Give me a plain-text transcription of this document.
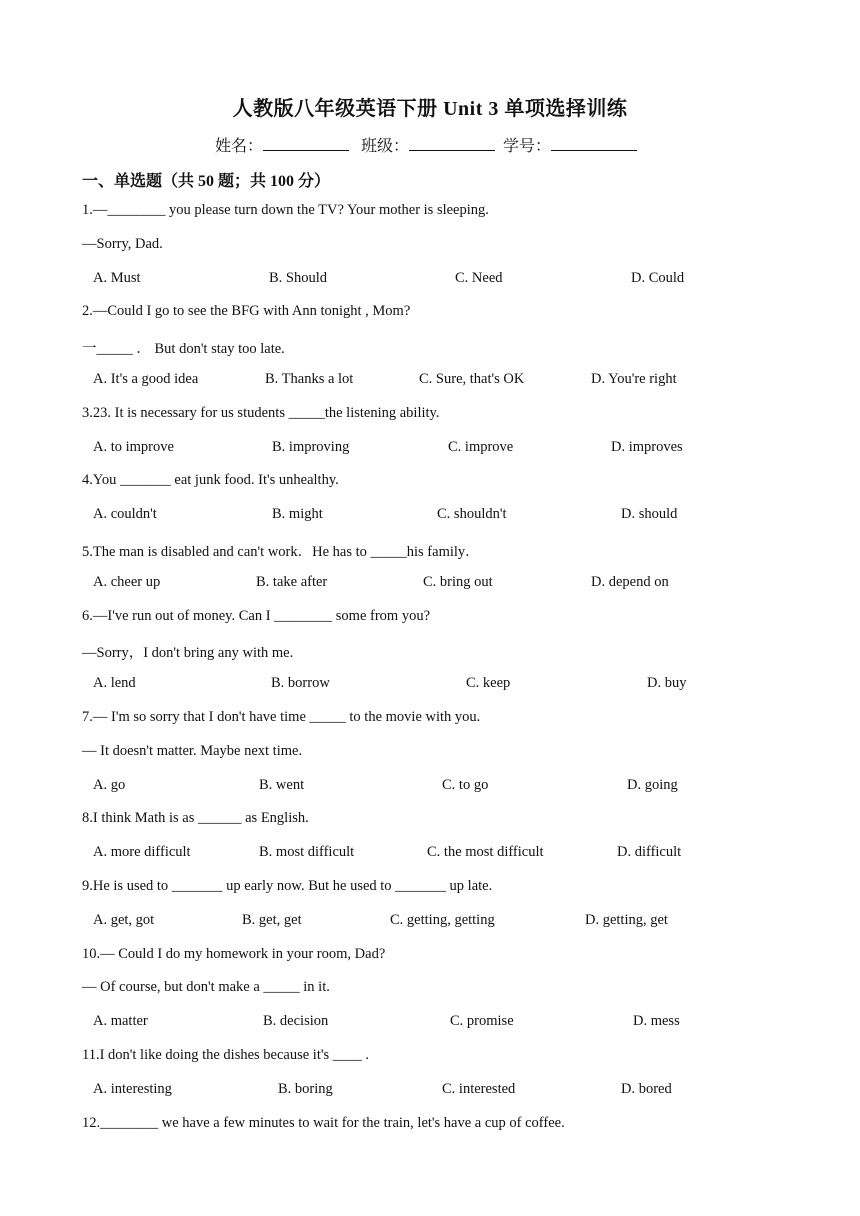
人教版八年级英语下册 Unit 3 单项选择训练
姓名：	班级：	学号：
一、单选题（共 50 题；共 100 分）
1.—________ you please turn down the TV? Your mother is sleeping.
—Sorry, Dad.
A. Must	B. Should	C. Need	D. Could
2.—Could I go to see the BFG with Ann tonight , Mom?
一_____ ． But don't stay too late.
A. It's a good idea	B. Thanks a lot	C. Sure, that's OK	D. You're right
3.23. It is necessary for us students _____the listening ability.
A. to improve	B. improving	C. improve	D. improves
4.You _______ eat junk food. It's unhealthy.
A. couldn't	B. might	C. shouldn't	D. should
5.The man is disabled and can't work．He has to _____his family．
A. cheer up	B. take after	C. bring out	D. depend on
6.—I've run out of money. Can I ________ some from you?
—Sorry，I don't bring any with me.
A. lend	B. borrow	C. keep	D. buy
7.— I'm so sorry that I don't have time _____ to the movie with you.
— It doesn't matter. Maybe next time.
A. go	B. went	C. to go	D. going
8.I think Math is as ______ as English.
A. more difficult	B. most difficult	C. the most difficult	D. difficult
9.He is used to _______ up early now. But he used to _______ up late.
A. get, got	B. get, get	C. getting, getting	D. getting, get
10.— Could I do my homework in your room, Dad?
— Of course, but don't make a _____ in it.
A. matter	B. decision	C. promise	D. mess
11.I don't like doing the dishes because it's ____ .
A. interesting	B. boring	C. interested	D. bored
12.________ we have a few minutes to wait for the train, let's have a cup of coffee.
